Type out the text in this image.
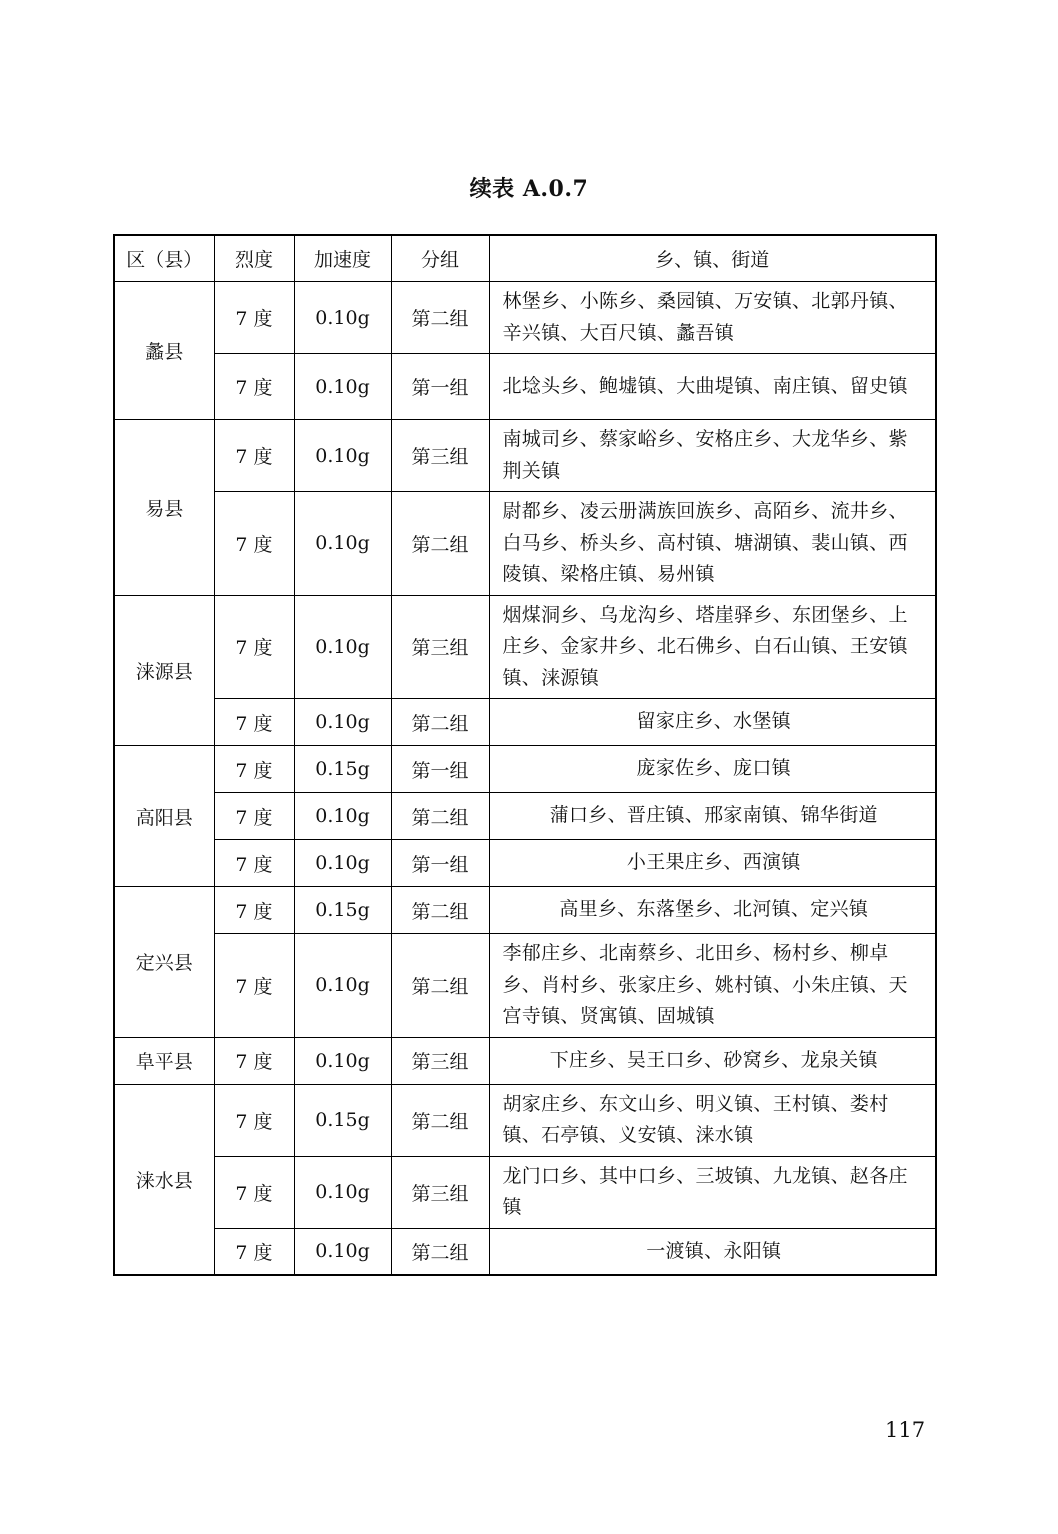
续表 A.0.7
区（县）	烈度	加速度	分组	乡、镇、街道
蠡县	7 度	0.10g	第二组	林堡乡、小陈乡、桑园镇、万安镇、北郭丹镇、辛兴镇、大百尺镇、蠡吾镇
	7 度	0.10g	第一组	北埝头乡、鲍墟镇、大曲堤镇、南庄镇、留史镇
易县	7 度	0.10g	第三组	南城司乡、蔡家峪乡、安格庄乡、大龙华乡、紫荆关镇
	7 度	0.10g	第二组	尉都乡、凌云册满族回族乡、高陌乡、流井乡、白马乡、桥头乡、高村镇、塘湖镇、裴山镇、西陵镇、梁格庄镇、易州镇
涞源县	7 度	0.10g	第三组	烟煤洞乡、乌龙沟乡、塔崖驿乡、东团堡乡、上庄乡、金家井乡、北石佛乡、白石山镇、王安镇镇、涞源镇
	7 度	0.10g	第二组	留家庄乡、水堡镇
高阳县	7 度	0.15g	第一组	庞家佐乡、庞口镇
	7 度	0.10g	第二组	蒲口乡、晋庄镇、邢家南镇、锦华街道
	7 度	0.10g	第一组	小王果庄乡、西演镇
定兴县	7 度	0.15g	第二组	高里乡、东落堡乡、北河镇、定兴镇
	7 度	0.10g	第二组	李郁庄乡、北南蔡乡、北田乡、杨村乡、柳卓乡、肖村乡、张家庄乡、姚村镇、小朱庄镇、天宫寺镇、贤寓镇、固城镇
阜平县	7 度	0.10g	第三组	下庄乡、吴王口乡、砂窝乡、龙泉关镇
涞水县	7 度	0.15g	第二组	胡家庄乡、东文山乡、明义镇、王村镇、娄村镇、石亭镇、义安镇、涞水镇
	7 度	0.10g	第三组	龙门口乡、其中口乡、三坡镇、九龙镇、赵各庄镇
	7 度	0.10g	第二组	一渡镇、永阳镇
117
